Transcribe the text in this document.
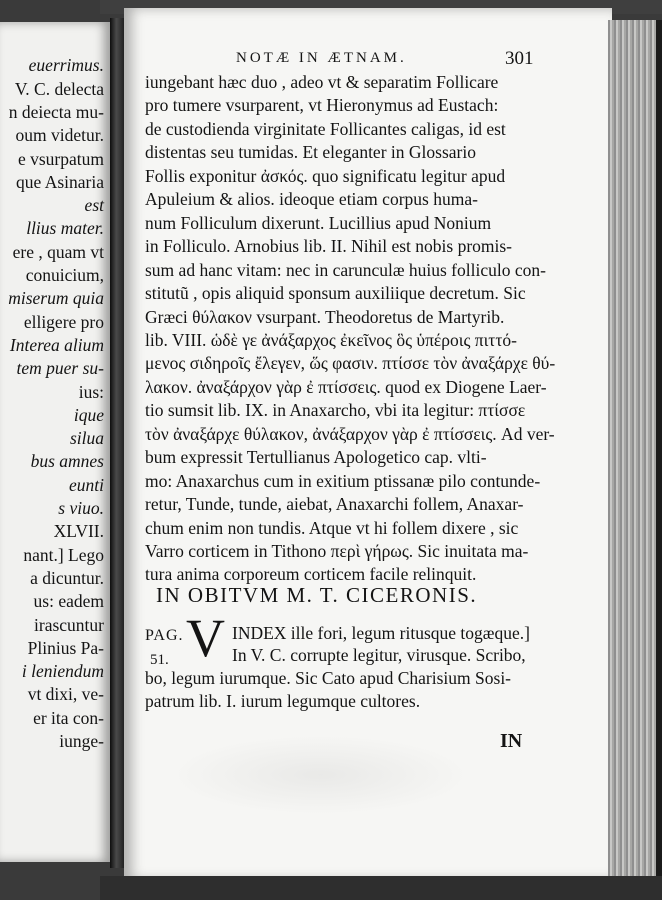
euerrimus.
V. C. delecta
n deiecta mu-
oum videtur.
e vsurpatum
que Asinaria
est
llius mater.
ere , quam vt
conuicium,
miserum quia
elligere pro
Interea alium
tem puer su-
ius:
ique
silua
bus amnes
eunti
s viuo.
XLVII.
nant.] Lego
a dicuntur.
us: eadem
irascuntur
Plinius Pa-
i leniendum
vt dixi, ve-
er ita con-
iunge-
NOTÆ IN ÆTNAM.	301
iungebant hæc duo , adeo vt & separatim Follicare
pro tumere vsurparent, vt Hieronymus ad Eustach:
de custodienda virginitate Follicantes caligas, id est
distentas seu tumidas. Et eleganter in Glossario
Follis exponitur ἀσκός. quo significatu legitur apud
Apuleium & alios. ideoque etiam corpus huma-
num Folliculum dixerunt. Lucillius apud Nonium
in Folliculo. Arnobius lib. II. Nihil est nobis promis-
sum ad hanc vitam: nec in carunculæ huius folliculo con-
stitutũ , opis aliquid sponsum auxiliique decretum. Sic
Græci θύλακον vsurpant. Theodoretus de Martyrib.
lib. VIII. ὡδὲ γε ἀνάξαρχος ἐκεῖνος ὃς ὑπέροις πιττό-
μενος σιδηροῖς ἔλεγεν, ὥς φασιν. πτίσσε τὸν ἀναξάρχε θύ-
λακον. ἀναξάρχον γὰρ ἐ πτίσσεις. quod ex Diogene Laer-
tio sumsit lib. IX. in Anaxarcho, vbi ita legitur: πτίσσε
τὸν ἀναξάρχε θύλακον, ἀνάξαρχον γὰρ ἐ πτίσσεις. Ad ver-
bum expressit Tertullianus Apologetico cap. vlti-
mo: Anaxarchus cum in exitium ptissanæ pilo contunde-
retur, Tunde, tunde, aiebat, Anaxarchi follem, Anaxar-
chum enim non tundis. Atque vt hi follem dixere , sic
Varro corticem in Tithono περὶ γήρως. Sic inuitata ma-
tura anima corporeum corticem facile relinquit.
IN OBITVM M. T. CICERONIS.
PAG.
51. V INDEX ille fori, legum ritusque togæque.]
In V. C. corrupte legitur, virusque. Scribo,
bo, legum iurumque. Sic Cato apud Charisium Sosi-
patrum lib. I. iurum legumque cultores.
IN
